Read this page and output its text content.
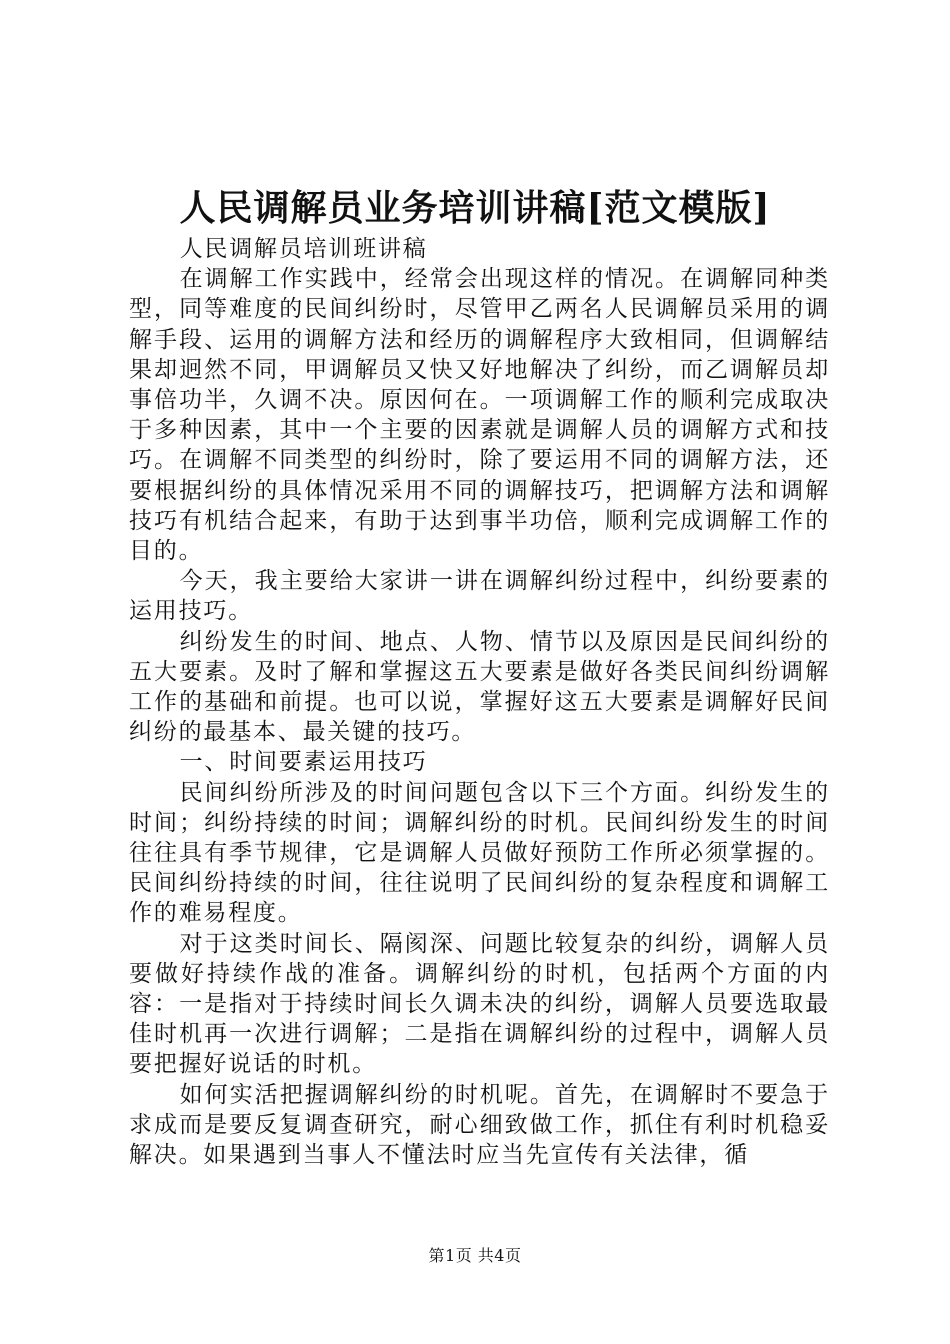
人民调解员业务培训讲稿[范文模版]

人民调解员培训班讲稿

在调解工作实践中，经常会出现这样的情况。在调解同种类型，同等难度的民间纠纷时，尽管甲乙两名人民调解员采用的调解手段、运用的调解方法和经历的调解程序大致相同，但调解结果却迥然不同，甲调解员又快又好地解决了纠纷，而乙调解员却事倍功半，久调不决。原因何在。一项调解工作的顺利完成取决于多种因素，其中一个主要的因素就是调解人员的调解方式和技巧。在调解不同类型的纠纷时，除了要运用不同的调解方法，还要根据纠纷的具体情况采用不同的调解技巧，把调解方法和调解技巧有机结合起来，有助于达到事半功倍，顺利完成调解工作的目的。

今天，我主要给大家讲一讲在调解纠纷过程中，纠纷要素的运用技巧。

纠纷发生的时间、地点、人物、情节以及原因是民间纠纷的五大要素。及时了解和掌握这五大要素是做好各类民间纠纷调解工作的基础和前提。也可以说，掌握好这五大要素是调解好民间纠纷的最基本、最关键的技巧。

一、时间要素运用技巧

民间纠纷所涉及的时间问题包含以下三个方面。纠纷发生的时间；纠纷持续的时间；调解纠纷的时机。民间纠纷发生的时间往往具有季节规律，它是调解人员做好预防工作所必须掌握的。民间纠纷持续的时间，往往说明了民间纠纷的复杂程度和调解工作的难易程度。

对于这类时间长、隔阂深、问题比较复杂的纠纷，调解人员要做好持续作战的准备。调解纠纷的时机，包括两个方面的内容：一是指对于持续时间长久调未决的纠纷，调解人员要选取最佳时机再一次进行调解；二是指在调解纠纷的过程中，调解人员要把握好说话的时机。

如何实活把握调解纠纷的时机呢。首先，在调解时不要急于求成而是要反复调查研究，耐心细致做工作，抓住有利时机稳妥解决。如果遇到当事人不懂法时应当先宣传有关法律，循

第1页 共4页
